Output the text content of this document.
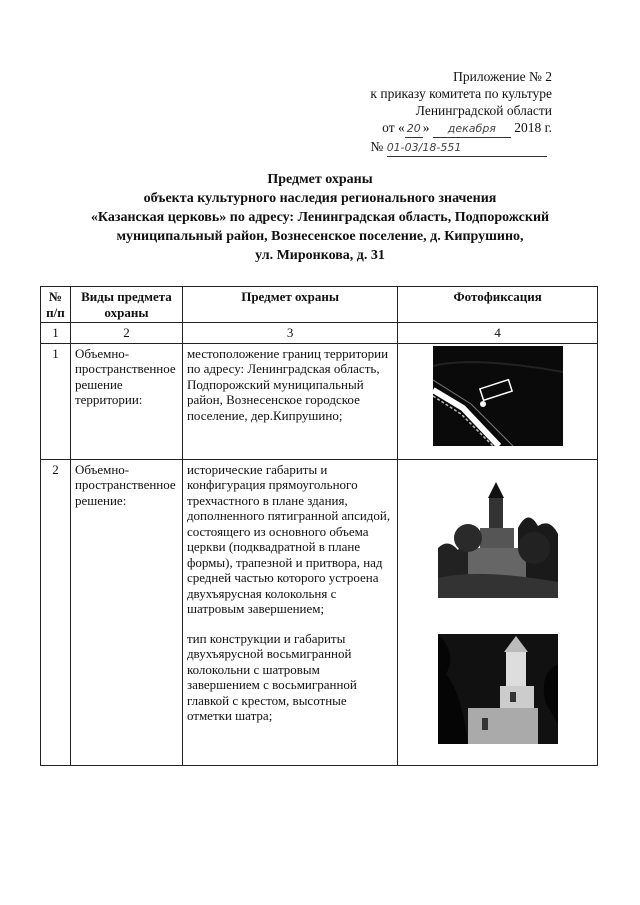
Приложение № 2
к приказу комитета по культуре
Ленинградской области
от « 20 » декабря 2018 г.
№ 01-03/18-551
Предмет охраны
объекта культурного наследия регионального значения
«Казанская церковь» по адресу: Ленинградская область, Подпорожский
муниципальный район, Вознесенское поселение, д. Кипрушино,
ул. Миронкова, д. 31
№
п/п	Виды предмета охраны	Предмет охраны	Фотофиксация
1	2	3	4
1	Объемно-пространственное решение территории:	местоположение границ территории по адресу: Ленинградская область, Подпорожский муниципальный район, Вознесенское городское поселение, дер.Кипрушино;	

2	Объемно-пространственное решение:	исторические габариты и конфигурация прямоугольного трехчастного в плане здания, дополненного пятигранной апсидой, состоящего из основного объема церкви (подквадратной в плане формы), трапезной и притвора, над средней частью которого устроена двухъярусная колокольня с шатровым завершением;
тип конструкции и габариты двухъярусной восьмигранной колокольни с шатровым завершением с восьмигранной главкой с крестом, высотные отметки шатра;
